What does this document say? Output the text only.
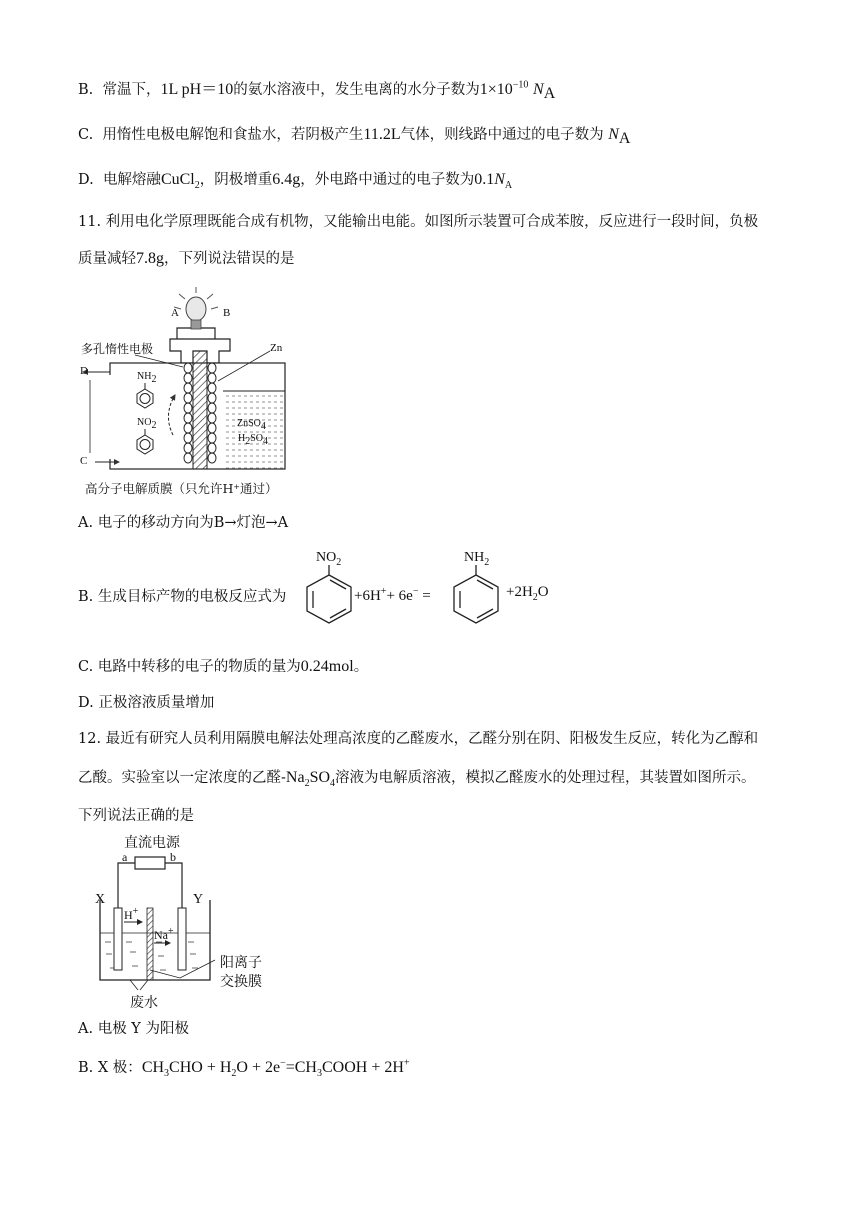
B. 常温下，1L pH＝10的氨水溶液中，发生电离的水分子数为$1\times 10^{-10}$ $N_A$
C. 用惰性电极电解饱和食盐水，若阴极产生11.2L气体，则线路中通过的电子数为 $N_A$
D. 电解熔融CuCl$_2$，阴极增重6.4g，外电路中通过的电子数为$0.1N_A$
11. 利用电化学原理既能合成有机物，又能输出电能。如图所示装置可合成苯胺，反应进行一段时间，负极
质量减轻7.8g，下列说法错误的是
A	B
多孔惰性电极	Zn
D
C
$NH_2$
$NO_2$	ZnSO$_4$
$H_2SO_4$
高分子电解质膜（只允许H⁺通过）
A. 电子的移动方向为B→灯泡→A
B. 生成目标产物的电极反应式为
$NO_2$	$NH_2$
+6H++ 6e− =	$+2H_2O$
C. 电路中转移的电子的物质的量为0.24mol。
D. 正极溶液质量增加
12. 最近有研究人员利用隔膜电解法处理高浓度的乙醛废水，乙醛分别在阴、阳极发生反应，转化为乙醇和
乙酸。实验室以一定浓度的乙醛$-Na_2SO_4$溶液为电解质溶液，模拟乙醛废水的处理过程，其装置如图所示。
下列说法正确的是
直流电源
a	b
X	Y
H+
Na+
阳离子
交换膜
废水
A. 电极 Y 为阳极
B. X 极：$CH_3CHO + H_2O$ + $2e^-=CH_3COOH + 2H^+$
